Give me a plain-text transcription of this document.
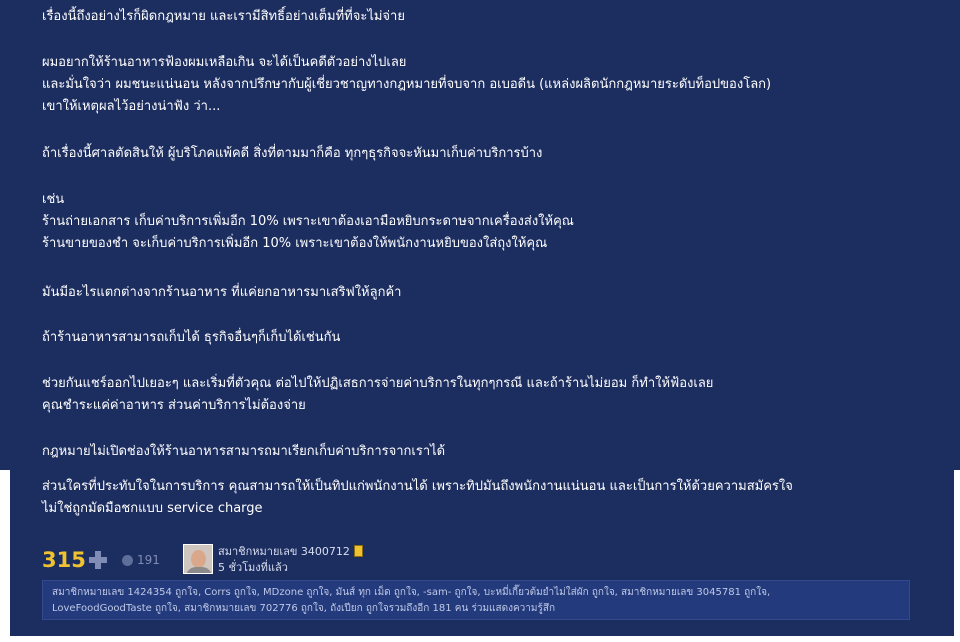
เรื่องนี้ถึงอย่างไรก็ผิดกฎหมาย และเรามีสิทธิ์อย่างเต็มที่ที่จะไม่จ่าย

ผมอยากให้ร้านอาหารฟ้องผมเหลือเกิน จะได้เป็นคดีตัวอย่างไปเลย
และมั่นใจว่า ผมชนะแน่นอน หลังจากปรึกษากับผู้เชี่ยวชาญทางกฎหมายที่จบจาก อเบอดีน (แหล่งผลิตนักกฎหมายระดับท็อปของโลก)
เขาให้เหตุผลไว้อย่างน่าฟัง ว่า...

ถ้าเรื่องนี้ศาลตัดสินให้ ผู้บริโภคแพ้คดี สิ่งที่ตามมาก็คือ ทุกๆธุรกิจจะหันมาเก็บค่าบริการบ้าง

เช่น
ร้านถ่ายเอกสาร เก็บค่าบริการเพิ่มอีก 10% เพราะเขาต้องเอามือหยิบกระดาษจากเครื่องส่งให้คุณ
ร้านขายของชำ จะเก็บค่าบริการเพิ่มอีก 10% เพราะเขาต้องให้พนักงานหยิบของใส่ถุงให้คุณ

มันมีอะไรแตกต่างจากร้านอาหาร ที่แค่ยกอาหารมาเสริฟให้ลูกค้า

ถ้าร้านอาหารสามารถเก็บได้ ธุรกิจอื่นๆก็เก็บได้เช่นกัน

ช่วยกันแชร์ออกไปเยอะๆ และเริ่มที่ตัวคุณ ต่อไปให้ปฏิเสธการจ่ายค่าบริการในทุกๆกรณี และถ้าร้านไม่ยอม ก็ทำให้ฟ้องเลย
คุณชำระแค่ค่าอาหาร ส่วนค่าบริการไม่ต้องจ่าย

กฎหมายไม่เปิดช่องให้ร้านอาหารสามารถมาเรียกเก็บค่าบริการจากเราได้

ส่วนใครที่ประทับใจในการบริการ คุณสามารถให้เป็นทิปแก่พนักงานได้ เพราะทิปมันถึงพนักงานแน่นอน และเป็นการให้ด้วยความสมัครใจ
ไม่ใช่ถูกมัดมือชกแบบ service charge

315	191
สมาชิกหมายเลข 3400712
5 ชั่วโมงที่แล้ว
สมาชิกหมายเลข 1424354 ถูกใจ, Corrs ถูกใจ, MDzone ถูกใจ, มันส์ ทุก เม็ด ถูกใจ, -sam- ถูกใจ, บะหมี่เกี๊ยวต้มยำไม่ใส่ผัก ถูกใจ, สมาชิกหมายเลข 3045781 ถูกใจ,
LoveFoodGoodTaste ถูกใจ, สมาชิกหมายเลข 702776 ถูกใจ, ถังเปียก ถูกใจรวมถึงอีก 181 คน ร่วมแสดงความรู้สึก
